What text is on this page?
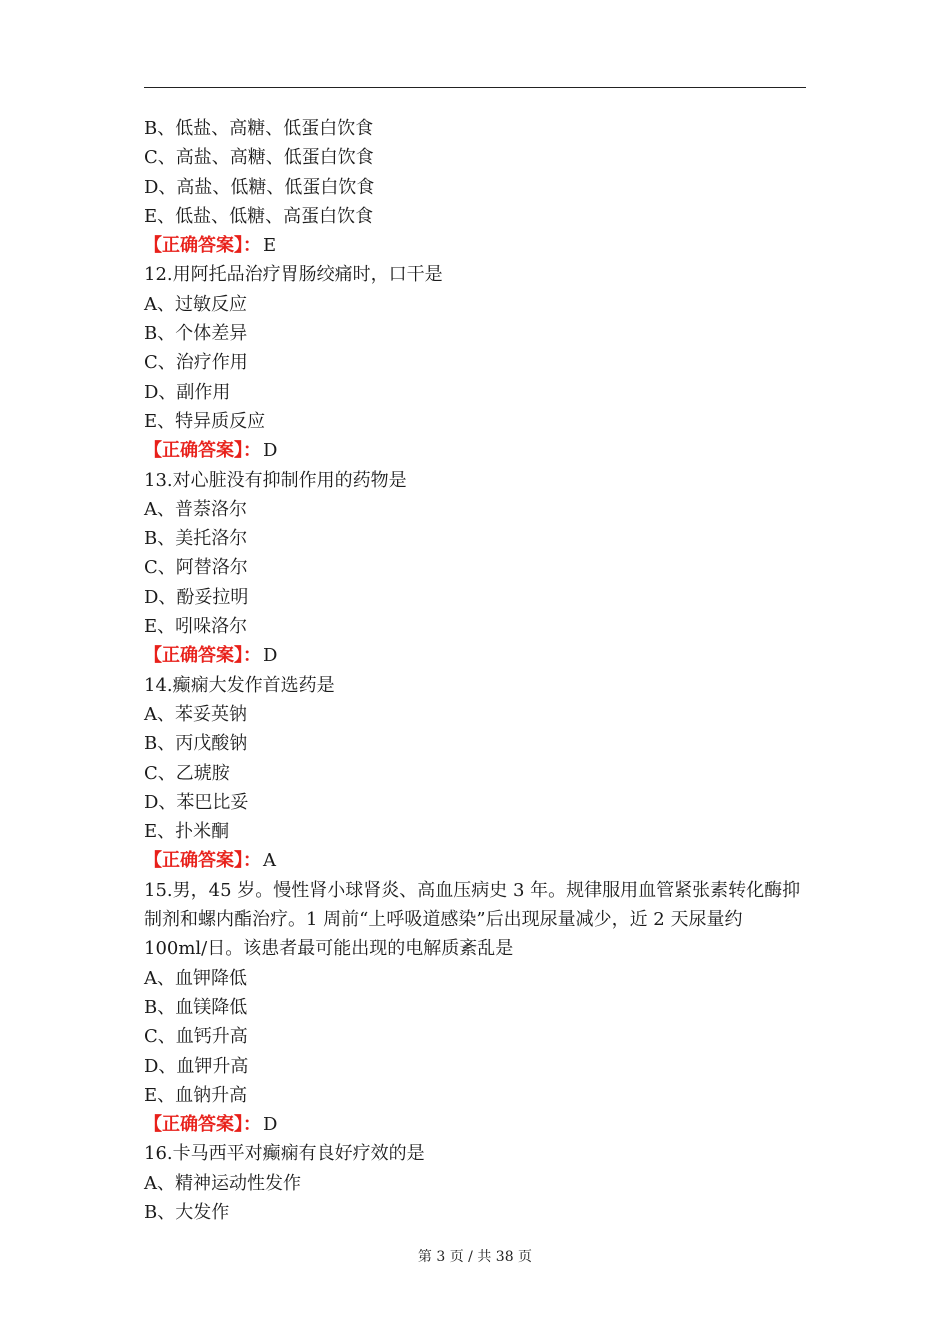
B、低盐、高糖、低蛋白饮食
C、高盐、高糖、低蛋白饮食
D、高盐、低糖、低蛋白饮食
E、低盐、低糖、高蛋白饮食
【正确答案】： E
12.用阿托品治疗胃肠绞痛时，口干是
A、过敏反应
B、个体差异
C、治疗作用
D、副作用
E、特异质反应
【正确答案】： D
13.对心脏没有抑制作用的药物是
A、普萘洛尔
B、美托洛尔
C、阿替洛尔
D、酚妥拉明
E、吲哚洛尔
【正确答案】： D
14.癫痫大发作首选药是
A、苯妥英钠
B、丙戊酸钠
C、乙琥胺
D、苯巴比妥
E、扑米酮
【正确答案】： A
15.男，45 岁。慢性肾小球肾炎、高血压病史 3 年。规律服用血管紧张素转化酶抑制剂和螺内酯治疗。1 周前“上呼吸道感染”后出现尿量减少，近 2 天尿量约 100ml/日。该患者最可能出现的电解质紊乱是
A、血钾降低
B、血镁降低
C、血钙升高
D、血钾升高
E、血钠升高
【正确答案】： D
16.卡马西平对癫痫有良好疗效的是
A、精神运动性发作
B、大发作
第 3 页 / 共 38 页
